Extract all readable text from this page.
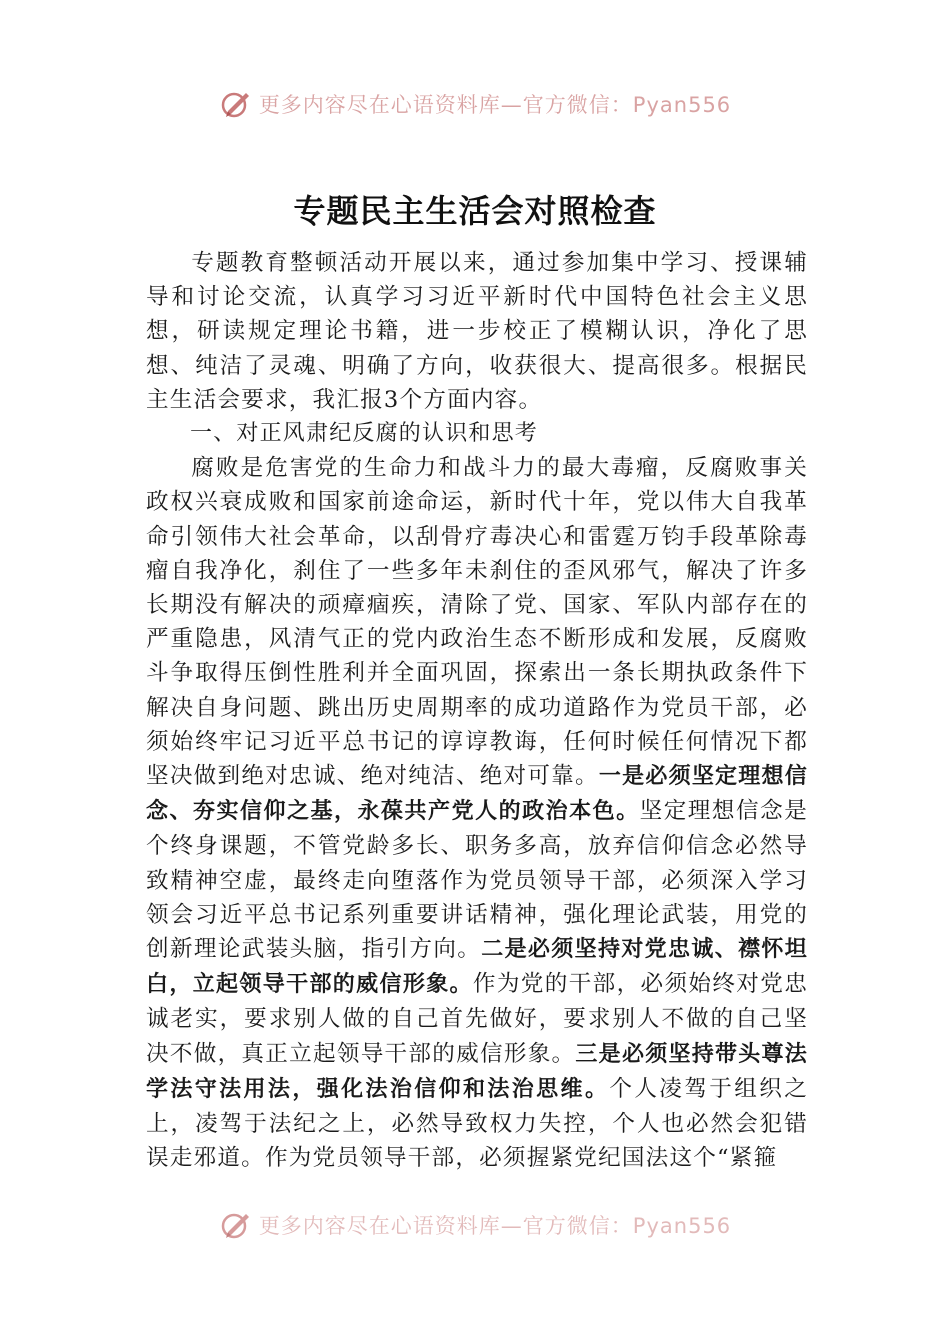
更多内容尽在心语资料库—官方微信：Pyan556
专题民主生活会对照检查

专题教育整顿活动开展以来，通过参加集中学习、授课辅导和讨论交流，认真学习习近平新时代中国特色社会主义思想，研读规定理论书籍，进一步校正了模糊认识，净化了思想、纯洁了灵魂、明确了方向，收获很大、提高很多。根据民主生活会要求，我汇报3个方面内容。

一、对正风肃纪反腐的认识和思考

腐败是危害党的生命力和战斗力的最大毒瘤，反腐败事关政权兴衰成败和国家前途命运，新时代十年，党以伟大自我革命引领伟大社会革命，以刮骨疗毒决心和雷霆万钧手段革除毒瘤自我净化，刹住了一些多年未刹住的歪风邪气，解决了许多长期没有解决的顽瘴痼疾，清除了党、国家、军队内部存在的严重隐患，风清气正的党内政治生态不断形成和发展，反腐败斗争取得压倒性胜利并全面巩固，探索出一条长期执政条件下解决自身问题、跳出历史周期率的成功道路作为党员干部，必须始终牢记习近平总书记的谆谆教诲，任何时候任何情况下都坚决做到绝对忠诚、绝对纯洁、绝对可靠。一是必须坚定理想信念、夯实信仰之基，永葆共产党人的政治本色。坚定理想信念是个终身课题，不管党龄多长、职务多高，放弃信仰信念必然导致精神空虚，最终走向堕落作为党员领导干部，必须深入学习领会习近平总书记系列重要讲话精神，强化理论武装，用党的创新理论武装头脑，指引方向。二是必须坚持对党忠诚、襟怀坦白，立起领导干部的威信形象。作为党的干部，必须始终对党忠诚老实，要求别人做的自己首先做好，要求别人不做的自己坚决不做，真正立起领导干部的威信形象。三是必须坚持带头尊法学法守法用法，强化法治信仰和法治思维。个人凌驾于组织之上，凌驾于法纪之上，必然导致权力失控，个人也必然会犯错误走邪道。作为党员领导干部，必须握紧党纪国法这个“紧箍

更多内容尽在心语资料库—官方微信：Pyan556
